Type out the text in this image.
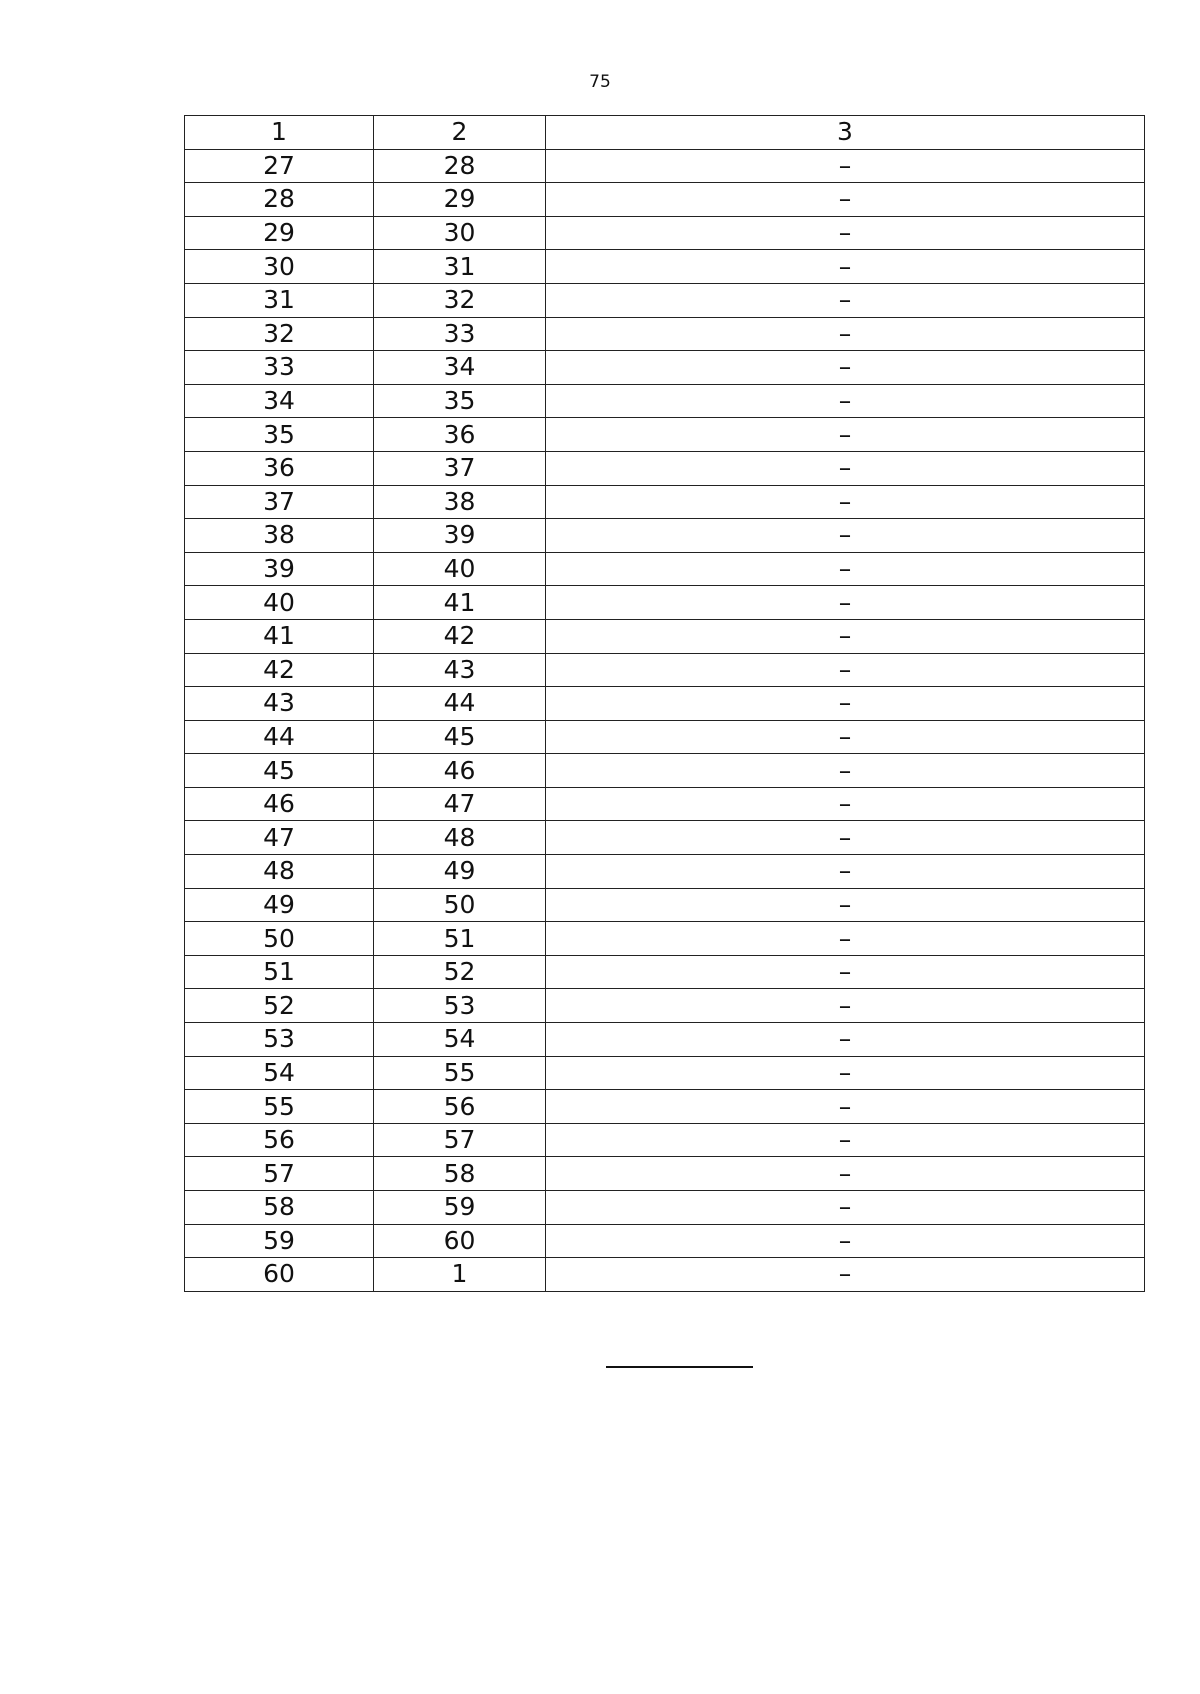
75
1	2	3
27	28	–
28	29	–
29	30	–
30	31	–
31	32	–
32	33	–
33	34	–
34	35	–
35	36	–
36	37	–
37	38	–
38	39	–
39	40	–
40	41	–
41	42	–
42	43	–
43	44	–
44	45	–
45	46	–
46	47	–
47	48	–
48	49	–
49	50	–
50	51	–
51	52	–
52	53	–
53	54	–
54	55	–
55	56	–
56	57	–
57	58	–
58	59	–
59	60	–
60	1	–
